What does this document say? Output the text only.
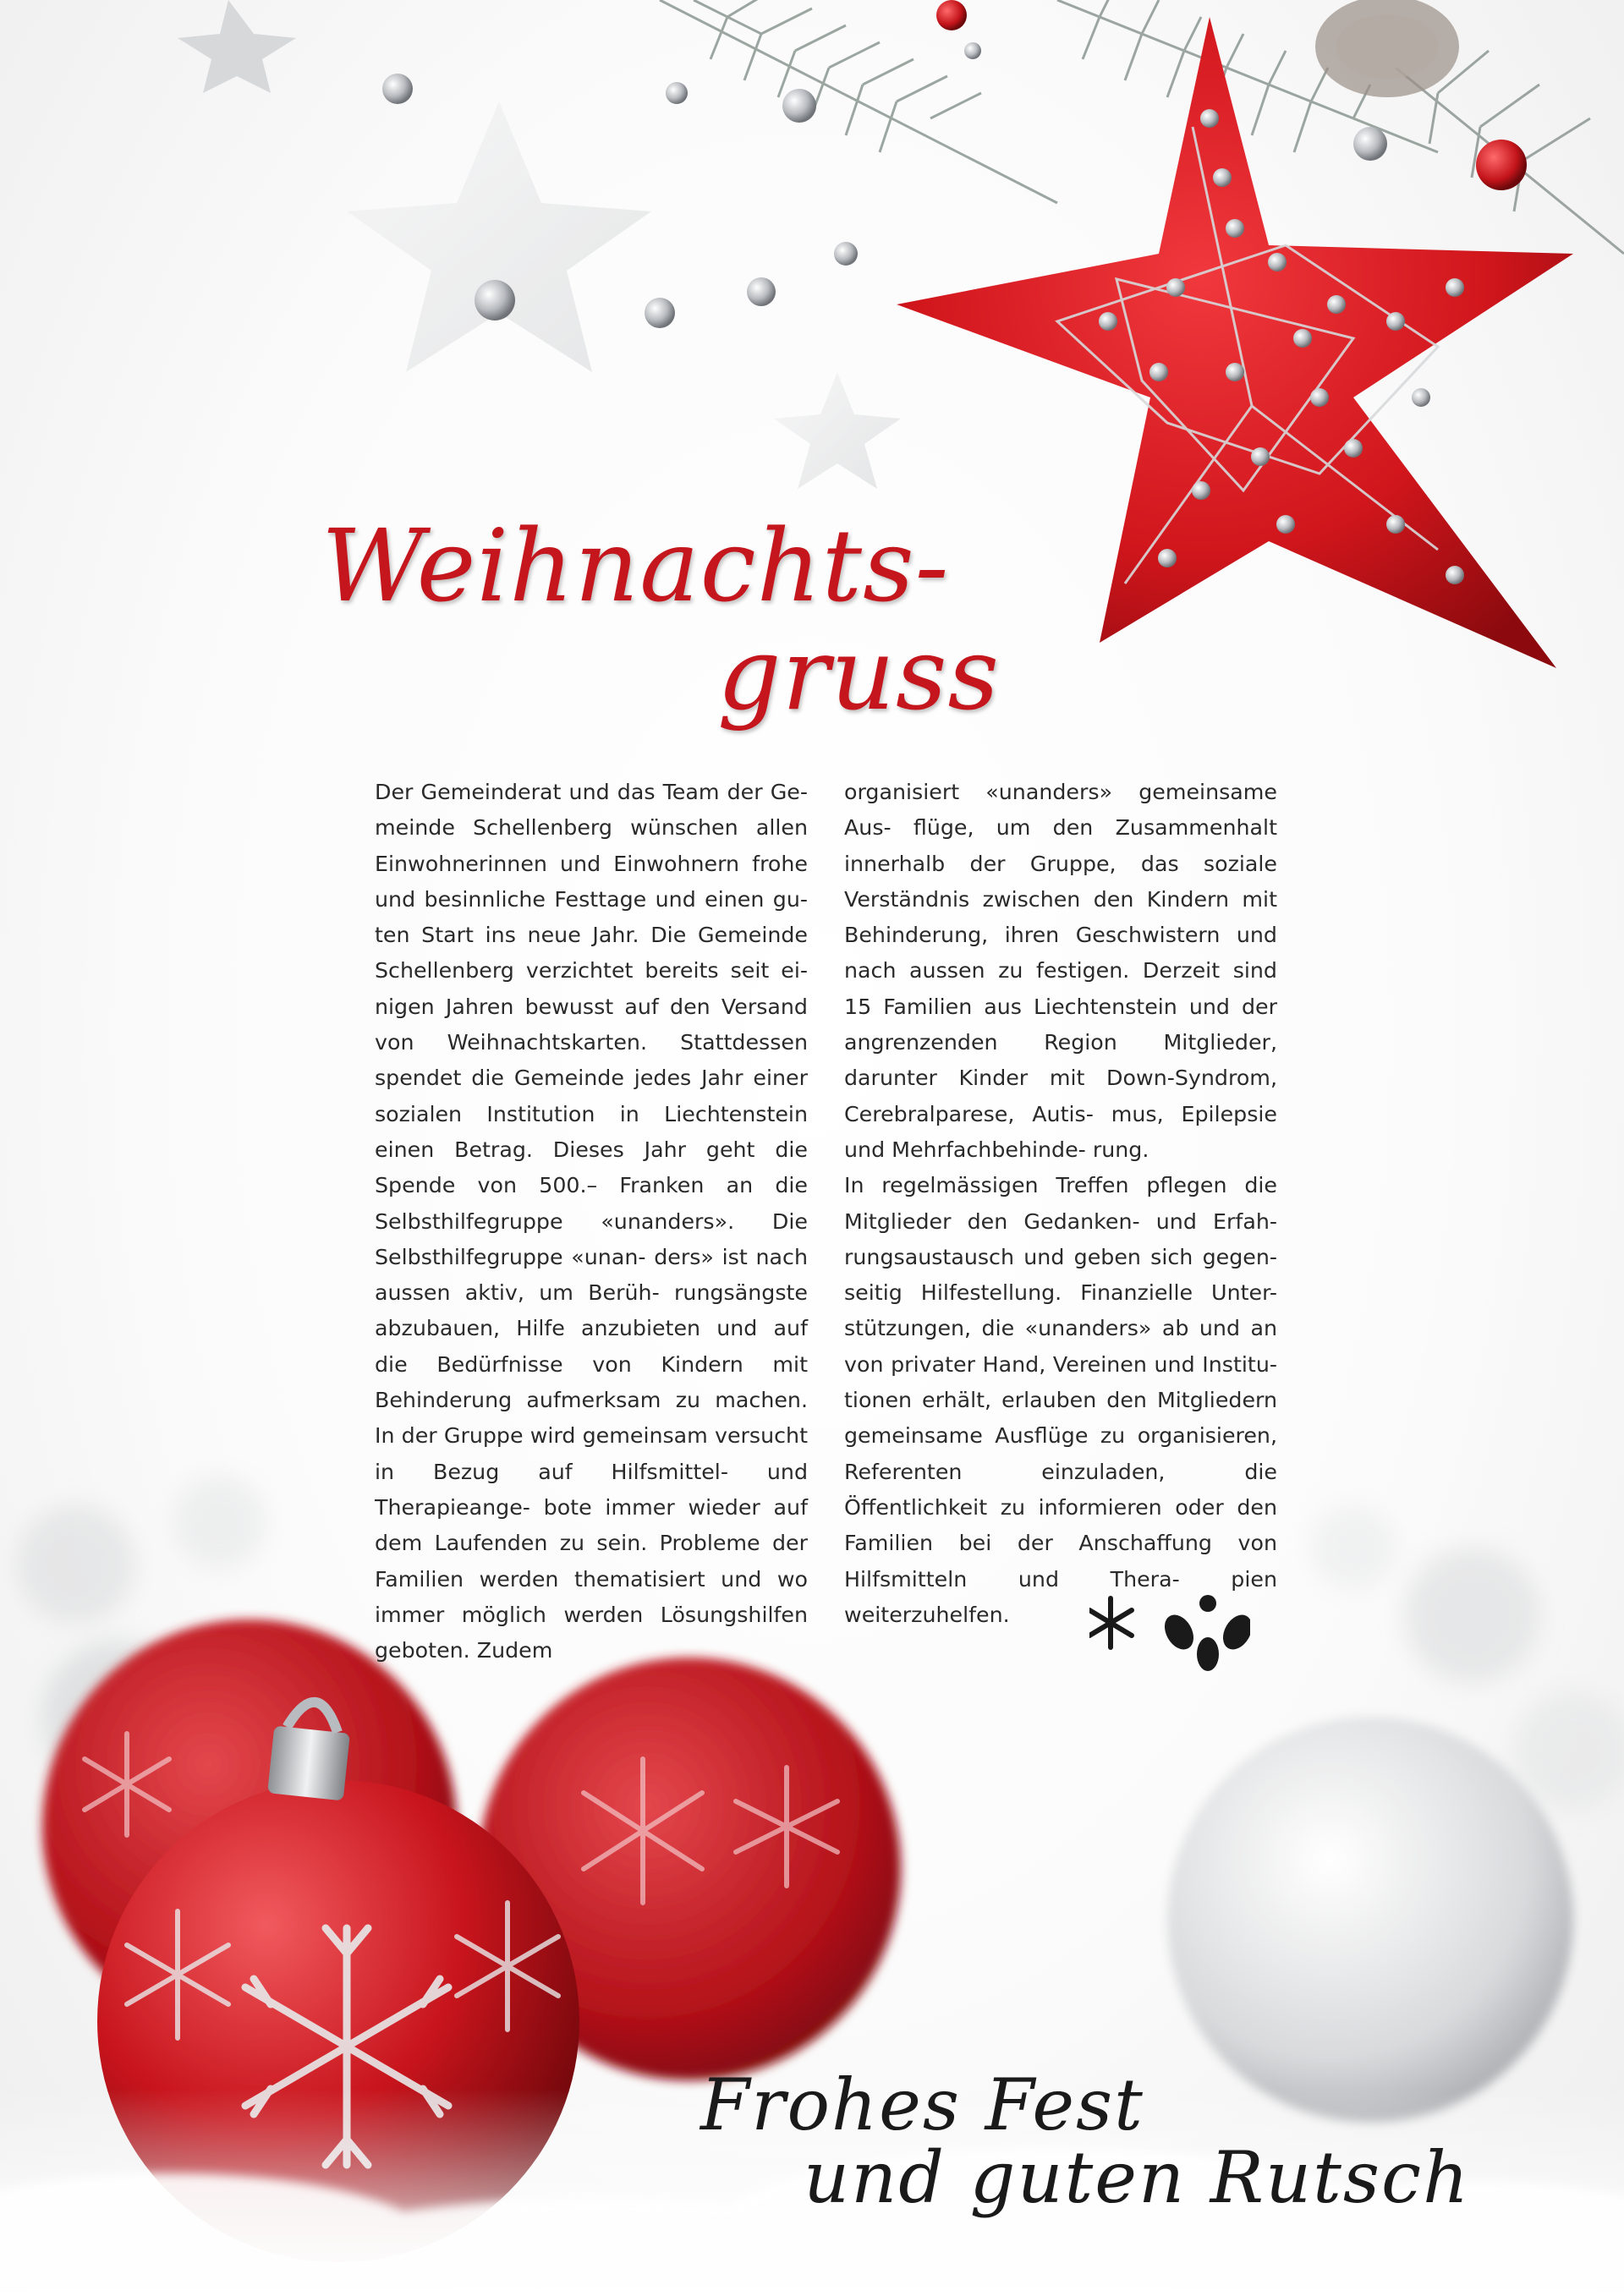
Weihnachts-
gruss

Der Gemeinderat und das Team der Ge- meinde Schellenberg wünschen allen Einwohnerinnen und Einwohnern frohe und besinnliche Festtage und einen gu- ten Start ins neue Jahr. Die Gemeinde Schellenberg verzichtet bereits seit ei- nigen Jahren bewusst auf den Versand von Weihnachtskarten. Stattdessen spendet die Gemeinde jedes Jahr einer sozialen Institution in Liechtenstein einen Betrag. Dieses Jahr geht die Spende von 500.– Franken an die Selbsthilfegruppe «unanders». Die Selbsthilfegruppe «unan- ders» ist nach aussen aktiv, um Berüh- rungsängste abzubauen, Hilfe anzubieten und auf die Bedürfnisse von Kindern mit Behinderung aufmerksam zu machen. In der Gruppe wird gemeinsam versucht in Bezug auf Hilfsmittel- und Therapieange- bote immer wieder auf dem Laufenden zu sein. Probleme der Familien werden thematisiert und wo immer möglich werden Lösungshilfen geboten. Zudem

organisiert «unanders» gemeinsame Aus- flüge, um den Zusammenhalt innerhalb der Gruppe, das soziale Verständnis zwischen den Kindern mit Behinderung, ihren Geschwistern und nach aussen zu festigen. Derzeit sind 15 Familien aus Liechtenstein und der angrenzenden Region Mitglieder, darunter Kinder mit Down-Syndrom, Cerebralparese, Autis- mus, Epilepsie und Mehrfachbehinde- rung.

In regelmässigen Treffen pflegen die Mitglieder den Gedanken- und Erfah- rungsaustausch und geben sich gegen- seitig Hilfestellung. Finanzielle Unter- stützungen, die «unanders» ab und an von privater Hand, Vereinen und Institu- tionen erhält, erlauben den Mitgliedern gemeinsame Ausflüge zu organisieren, Referenten einzuladen, die Öffentlichkeit zu informieren oder den Familien bei der Anschaffung von Hilfsmitteln und Thera- pien weiterzuhelfen.

Frohes Fest
und guten Rutsch
